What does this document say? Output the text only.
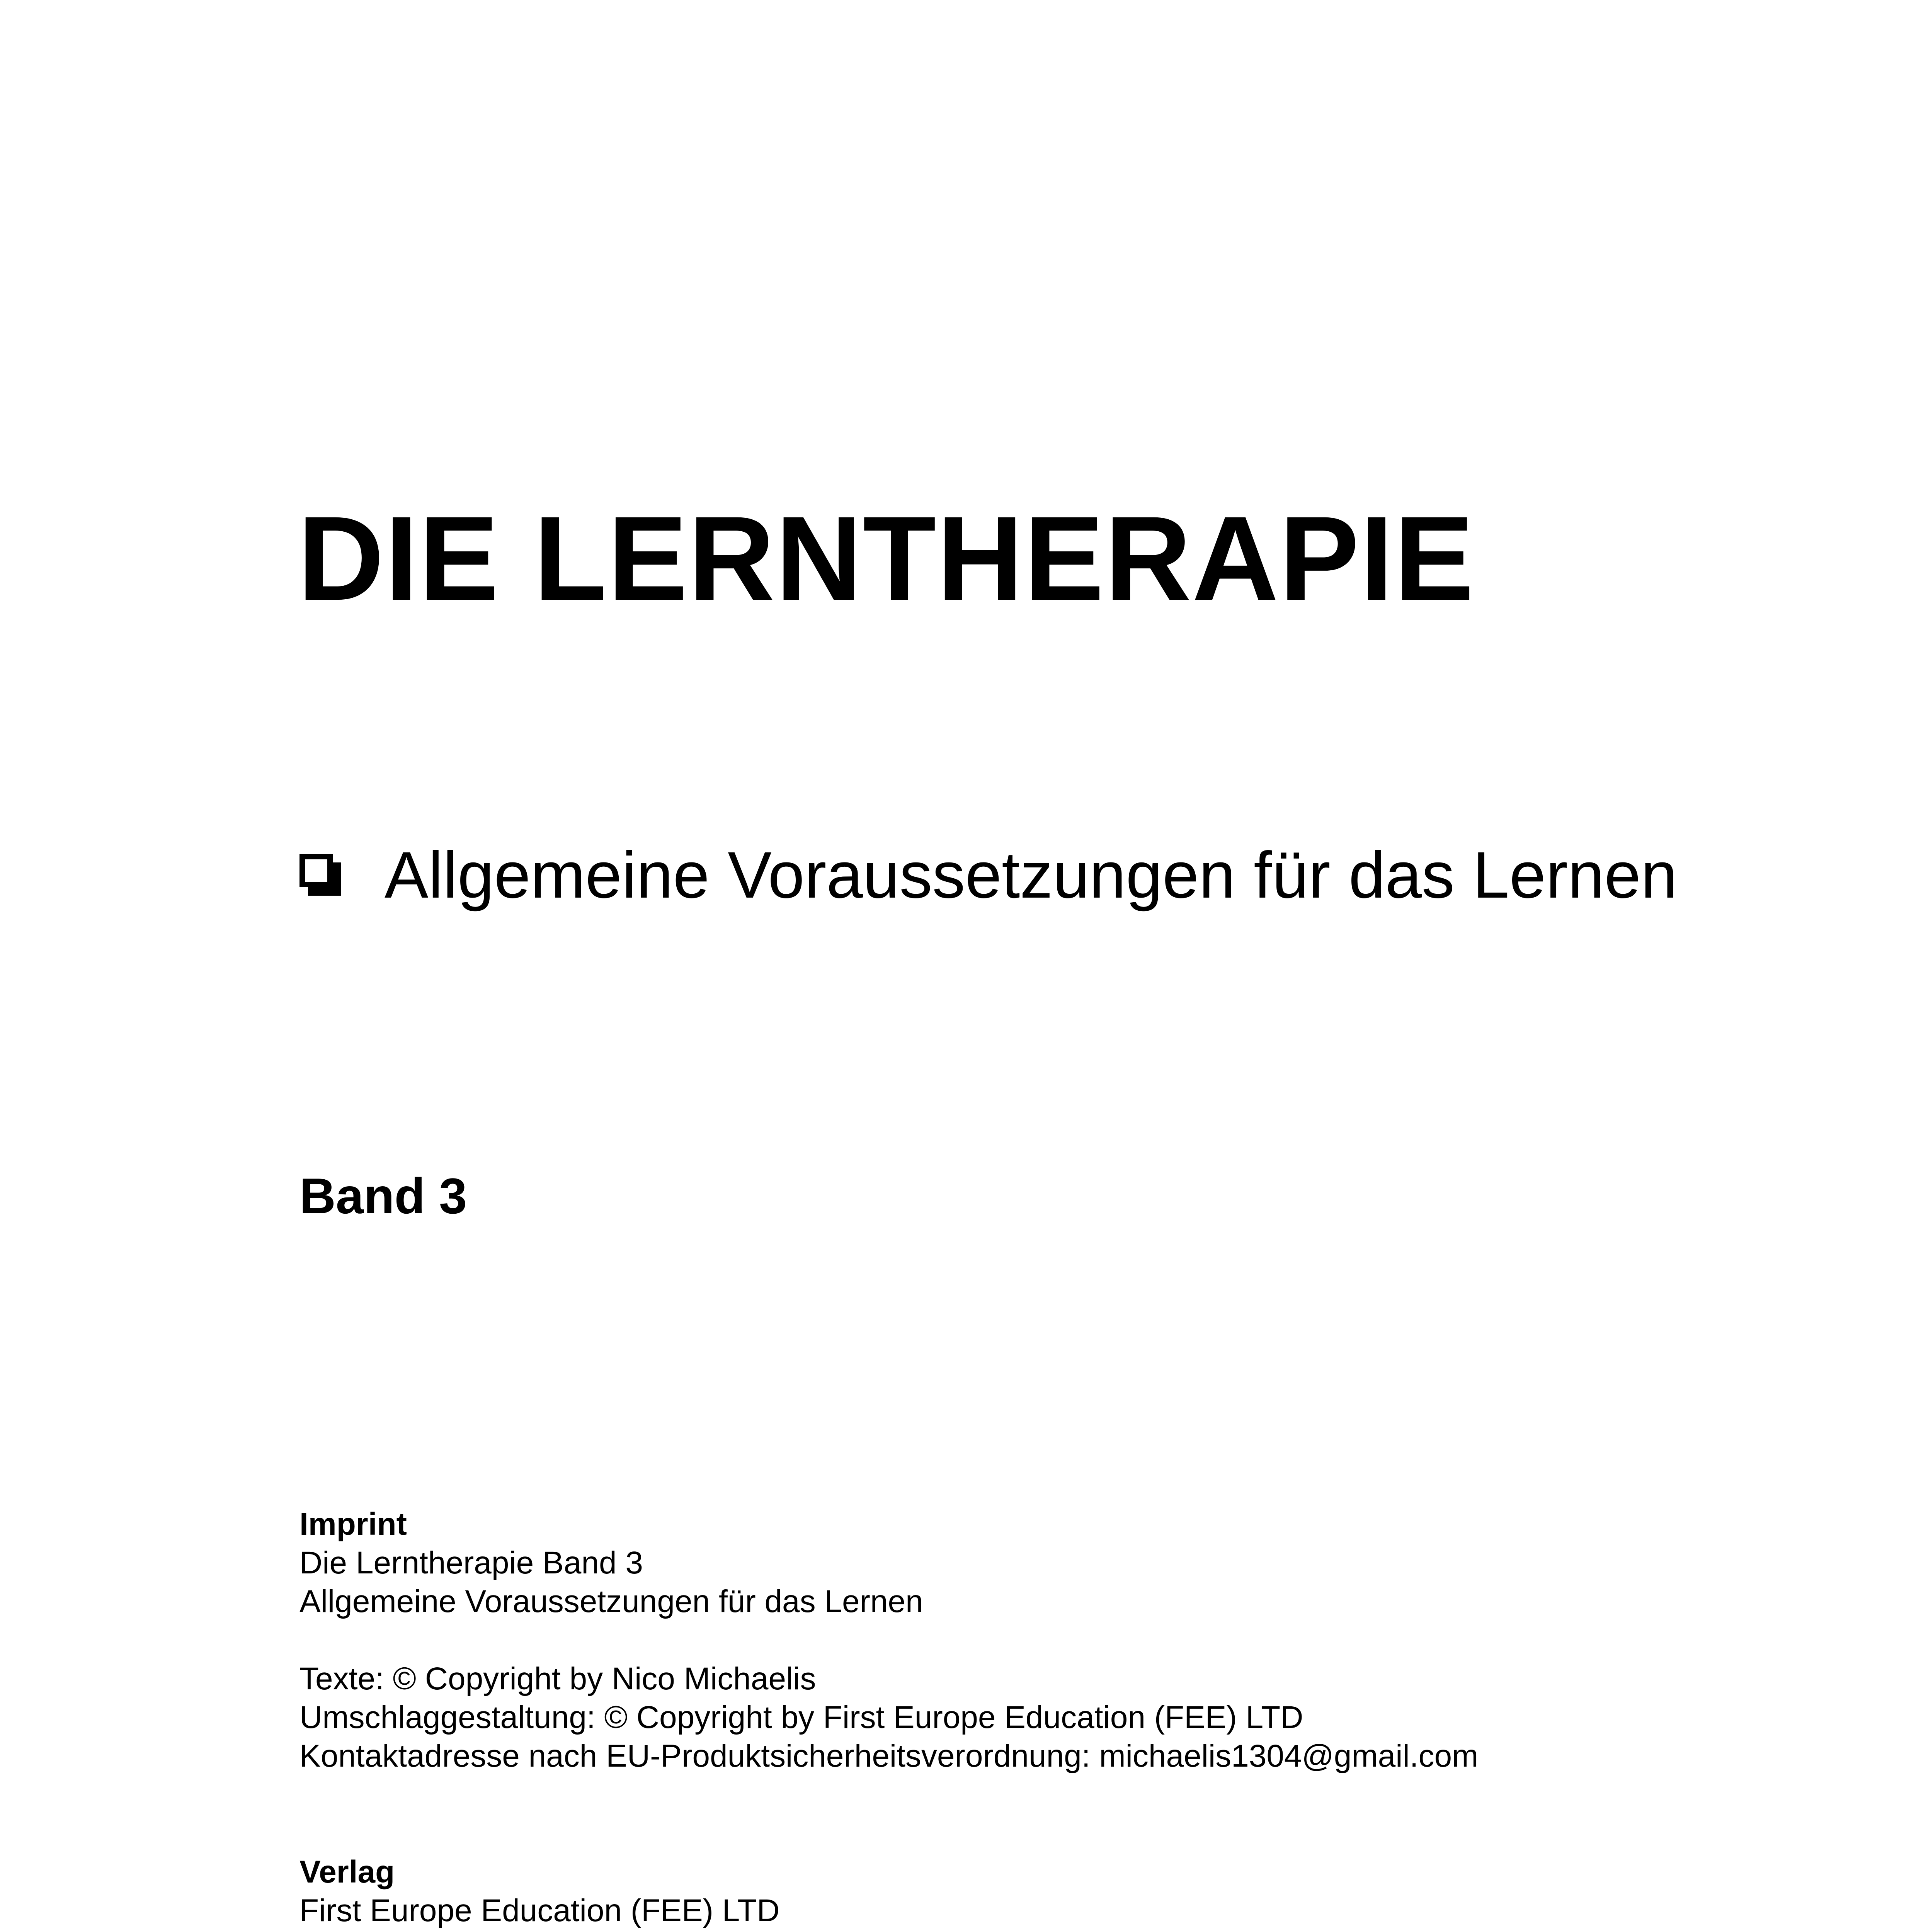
DIE LERNTHERAPIE
Allgemeine Voraussetzungen für das Lernen
Band 3
Imprint
Die Lerntherapie Band 3
Allgemeine Voraussetzungen für das Lernen
Texte: © Copyright by Nico Michaelis
Umschlaggestaltung: © Copyright by First Europe Education (FEE) LTD
Kontaktadresse nach EU-Produktsicherheitsverordnung: michaelis1304@gmail.com
Verlag
First Europe Education (FEE) LTD
